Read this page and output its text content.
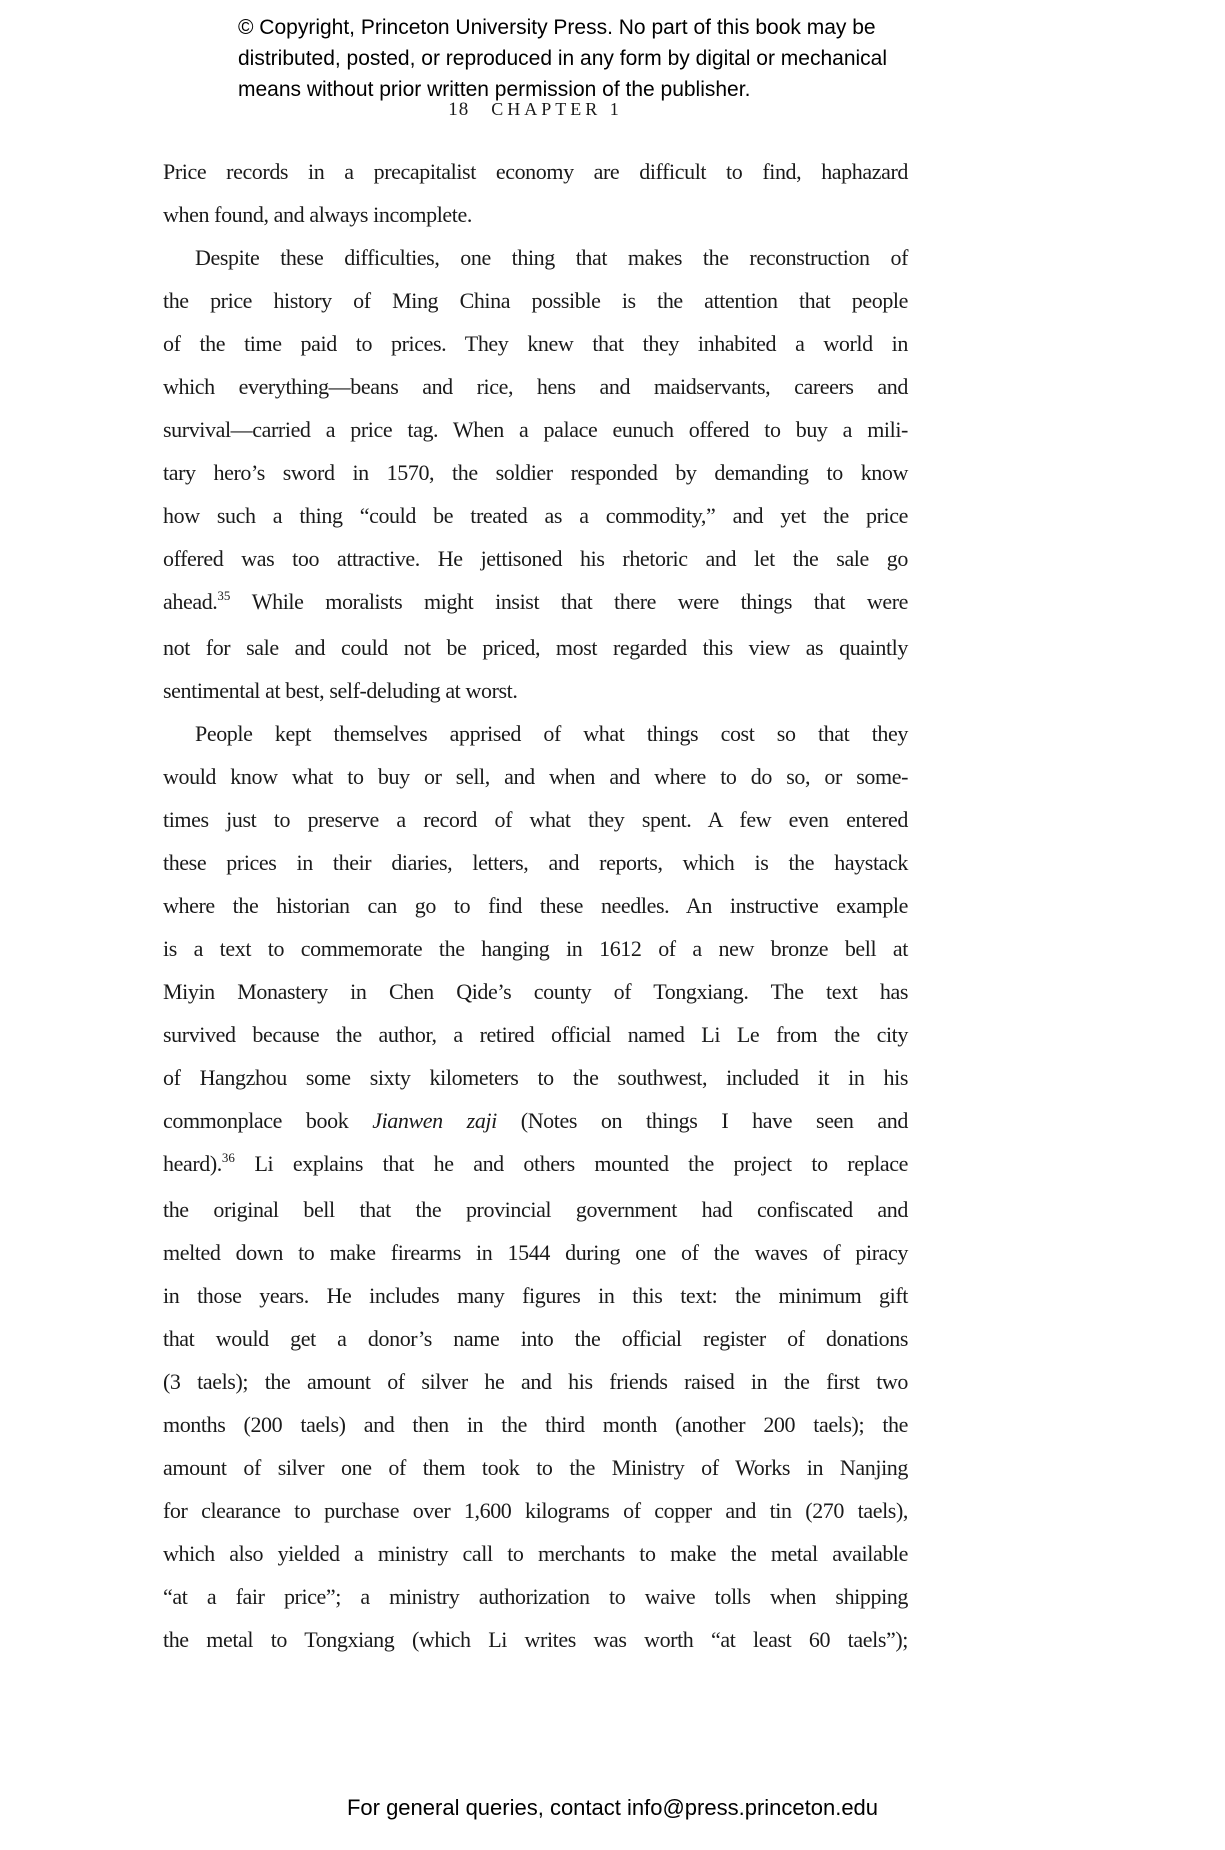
© Copyright, Princeton University Press. No part of this book may be
distributed, posted, or reproduced in any form by digital or mechanical
means without prior written permission of the publisher.
18 CHAPTER 1
Price records in a precapitalist economy are difficult to find, haphazard
when found, and always incomplete.
Despite these difficulties, one thing that makes the reconstruction of
the price history of Ming China possible is the attention that people
of the time paid to prices. They knew that they inhabited a world in
which everything—beans and rice, hens and maidservants, careers and
survival—carried a price tag. When a palace eunuch offered to buy a mili-
tary hero’s sword in 1570, the soldier responded by demanding to know
how such a thing “could be treated as a commodity,” and yet the price
offered was too attractive. He jettisoned his rhetoric and let the sale go
ahead.$^{35}$ While moralists might insist that there were things that were
not for sale and could not be priced, most regarded this view as quaintly
sentimental at best, self-deluding at worst.
People kept themselves apprised of what things cost so that they
would know what to buy or sell, and when and where to do so, or some-
times just to preserve a record of what they spent. A few even entered
these prices in their diaries, letters, and reports, which is the haystack
where the historian can go to find these needles. An instructive example
is a text to commemorate the hanging in 1612 of a new bronze bell at
Miyin Monastery in Chen Qide’s county of Tongxiang. The text has
survived because the author, a retired official named Li Le from the city
of Hangzhou some sixty kilometers to the southwest, included it in his
commonplace book Jianwen zaji (Notes on things I have seen and
heard).$^{36}$ Li explains that he and others mounted the project to replace
the original bell that the provincial government had confiscated and
melted down to make firearms in 1544 during one of the waves of piracy
in those years. He includes many figures in this text: the minimum gift
that would get a donor’s name into the official register of donations
(3 taels); the amount of silver he and his friends raised in the first two
months (200 taels) and then in the third month (another 200 taels); the
amount of silver one of them took to the Ministry of Works in Nanjing
for clearance to purchase over 1,600 kilograms of copper and tin (270 taels),
which also yielded a ministry call to merchants to make the metal available
“at a fair price”; a ministry authorization to waive tolls when shipping
the metal to Tongxiang (which Li writes was worth “at least 60 taels”);
For general queries, contact info@press.princeton.edu
